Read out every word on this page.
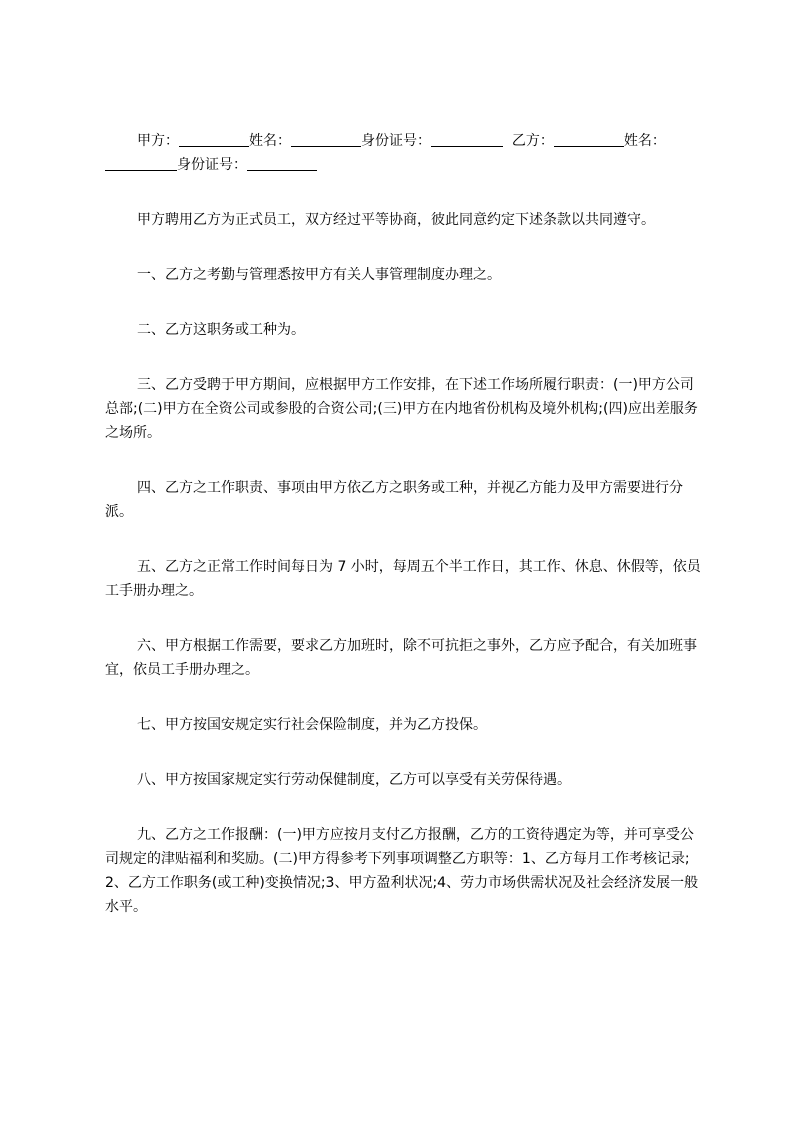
甲方：	姓名：	身份证号：	乙方：	姓名：身份证号：

甲方聘用乙方为正式员工，双方经过平等协商，彼此同意约定下述条款以共同遵守。

一、乙方之考勤与管理悉按甲方有关人事管理制度办理之。

二、乙方这职务或工种为。

三、乙方受聘于甲方期间，应根据甲方工作安排，在下述工作场所履行职责：(一)甲方公司总部;(二)甲方在全资公司或参股的合资公司;(三)甲方在内地省份机构及境外机构;(四)应出差服务之场所。

四、乙方之工作职责、事项由甲方依乙方之职务或工种，并视乙方能力及甲方需要进行分派。

五、乙方之正常工作时间每日为 7 小时，每周五个半工作日，其工作、休息、休假等，依员工手册办理之。

六、甲方根据工作需要，要求乙方加班时，除不可抗拒之事外，乙方应予配合，有关加班事宜，依员工手册办理之。

七、甲方按国安规定实行社会保险制度，并为乙方投保。

八、甲方按国家规定实行劳动保健制度，乙方可以享受有关劳保待遇。

九、乙方之工作报酬：(一)甲方应按月支付乙方报酬，乙方的工资待遇定为等，并可享受公司规定的津贴福利和奖励。(二)甲方得参考下列事项调整乙方职等：1、乙方每月工作考核记录;2、乙方工作职务(或工种)变换情况;3、甲方盈利状况;4、劳力市场供需状况及社会经济发展一般水平。
